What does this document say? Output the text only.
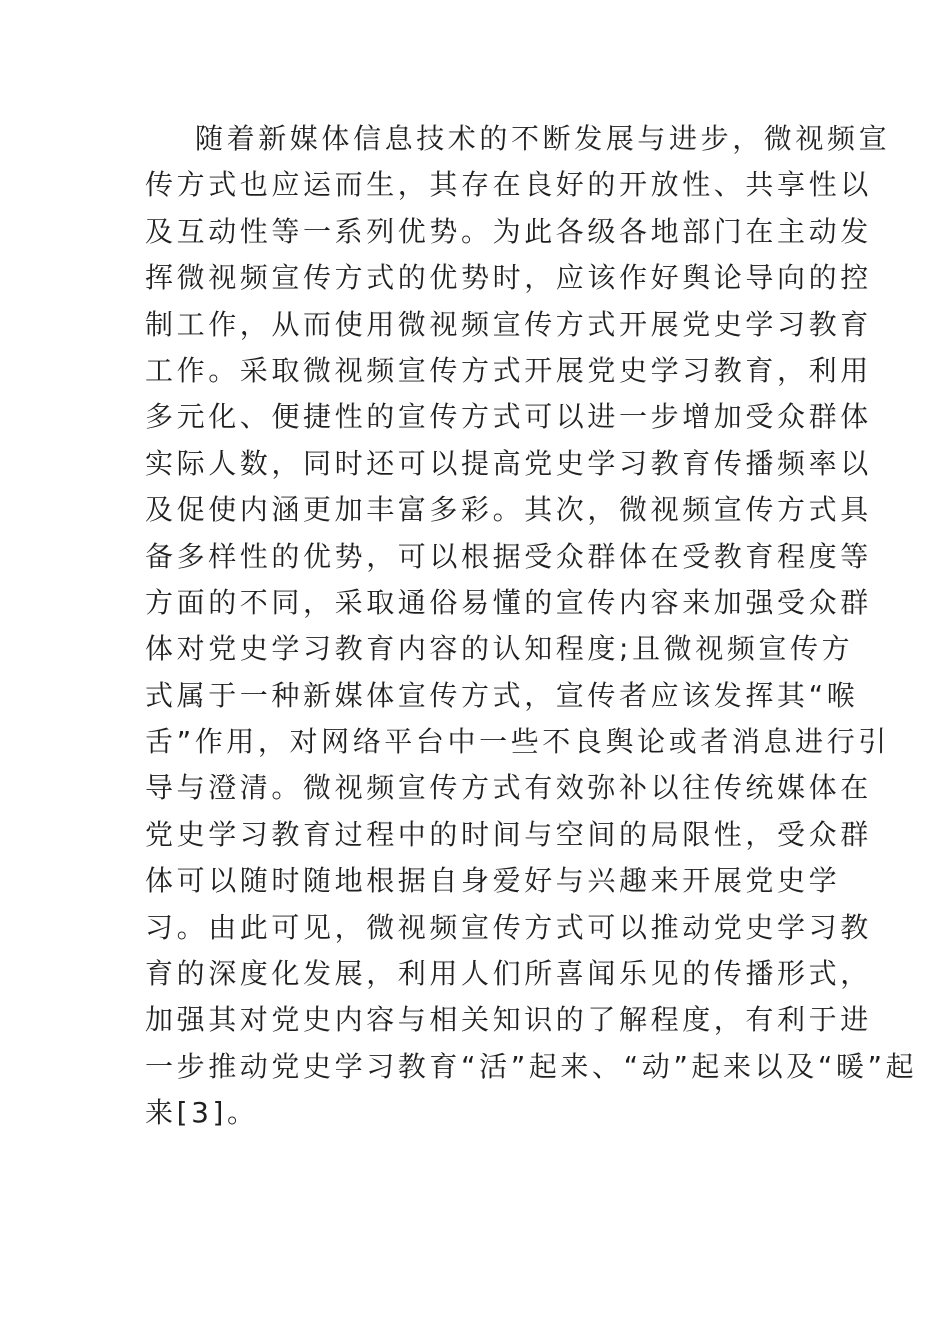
随着新媒体信息技术的不断发展与进步，微视频宣
传方式也应运而生，其存在良好的开放性、共享性以
及互动性等一系列优势。为此各级各地部门在主动发
挥微视频宣传方式的优势时，应该作好舆论导向的控
制工作，从而使用微视频宣传方式开展党史学习教育
工作。采取微视频宣传方式开展党史学习教育，利用
多元化、便捷性的宣传方式可以进一步增加受众群体
实际人数，同时还可以提高党史学习教育传播频率以
及促使内涵更加丰富多彩。其次，微视频宣传方式具
备多样性的优势，可以根据受众群体在受教育程度等
方面的不同，采取通俗易懂的宣传内容来加强受众群
体对党史学习教育内容的认知程度;且微视频宣传方
式属于一种新媒体宣传方式，宣传者应该发挥其“喉
舌”作用，对网络平台中一些不良舆论或者消息进行引
导与澄清。微视频宣传方式有效弥补以往传统媒体在
党史学习教育过程中的时间与空间的局限性，受众群
体可以随时随地根据自身爱好与兴趣来开展党史学
习。由此可见，微视频宣传方式可以推动党史学习教
育的深度化发展，利用人们所喜闻乐见的传播形式，
加强其对党史内容与相关知识的了解程度，有利于进
一步推动党史学习教育“活”起来、“动”起来以及“暖”起
来[3]。
